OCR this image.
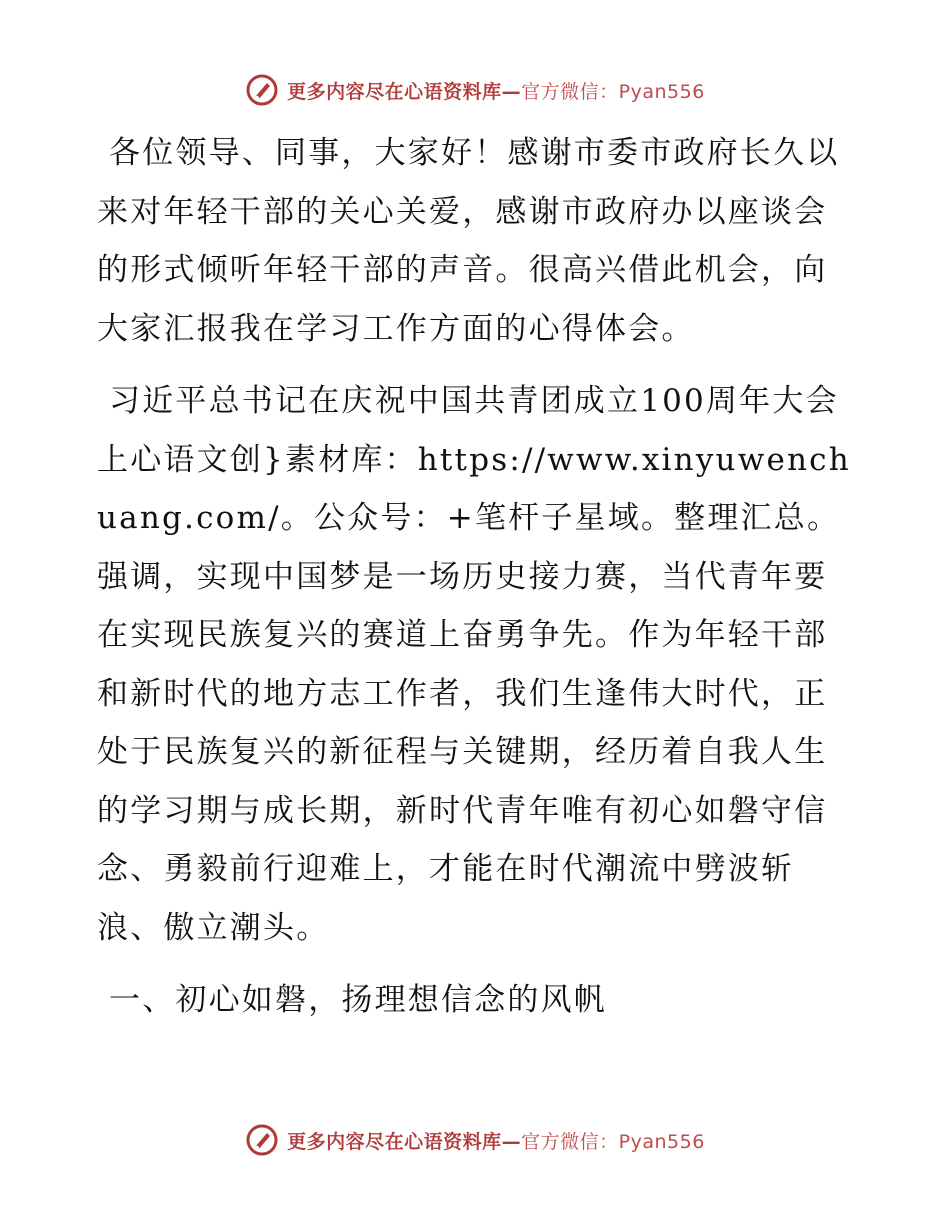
更多内容尽在心语资料库—官方微信：Pyan556

各位领导、同事，大家好！感谢市委市政府长久以来对年轻干部的关心关爱，感谢市政府办以座谈会的形式倾听年轻干部的声音。很高兴借此机会，向大家汇报我在学习工作方面的心得体会。

习近平总书记在庆祝中国共青团成立100周年大会上心语文创}素材库：https://www.xinyuwenchuang.com/。公众号：+笔杆子星域。整理汇总。强调，实现中国梦是一场历史接力赛，当代青年要在实现民族复兴的赛道上奋勇争先。作为年轻干部和新时代的地方志工作者，我们生逢伟大时代，正处于民族复兴的新征程与关键期，经历着自我人生的学习期与成长期，新时代青年唯有初心如磐守信念、勇毅前行迎难上，才能在时代潮流中劈波斩浪、傲立潮头。

一、初心如磐，扬理想信念的风帆

更多内容尽在心语资料库—官方微信：Pyan556
